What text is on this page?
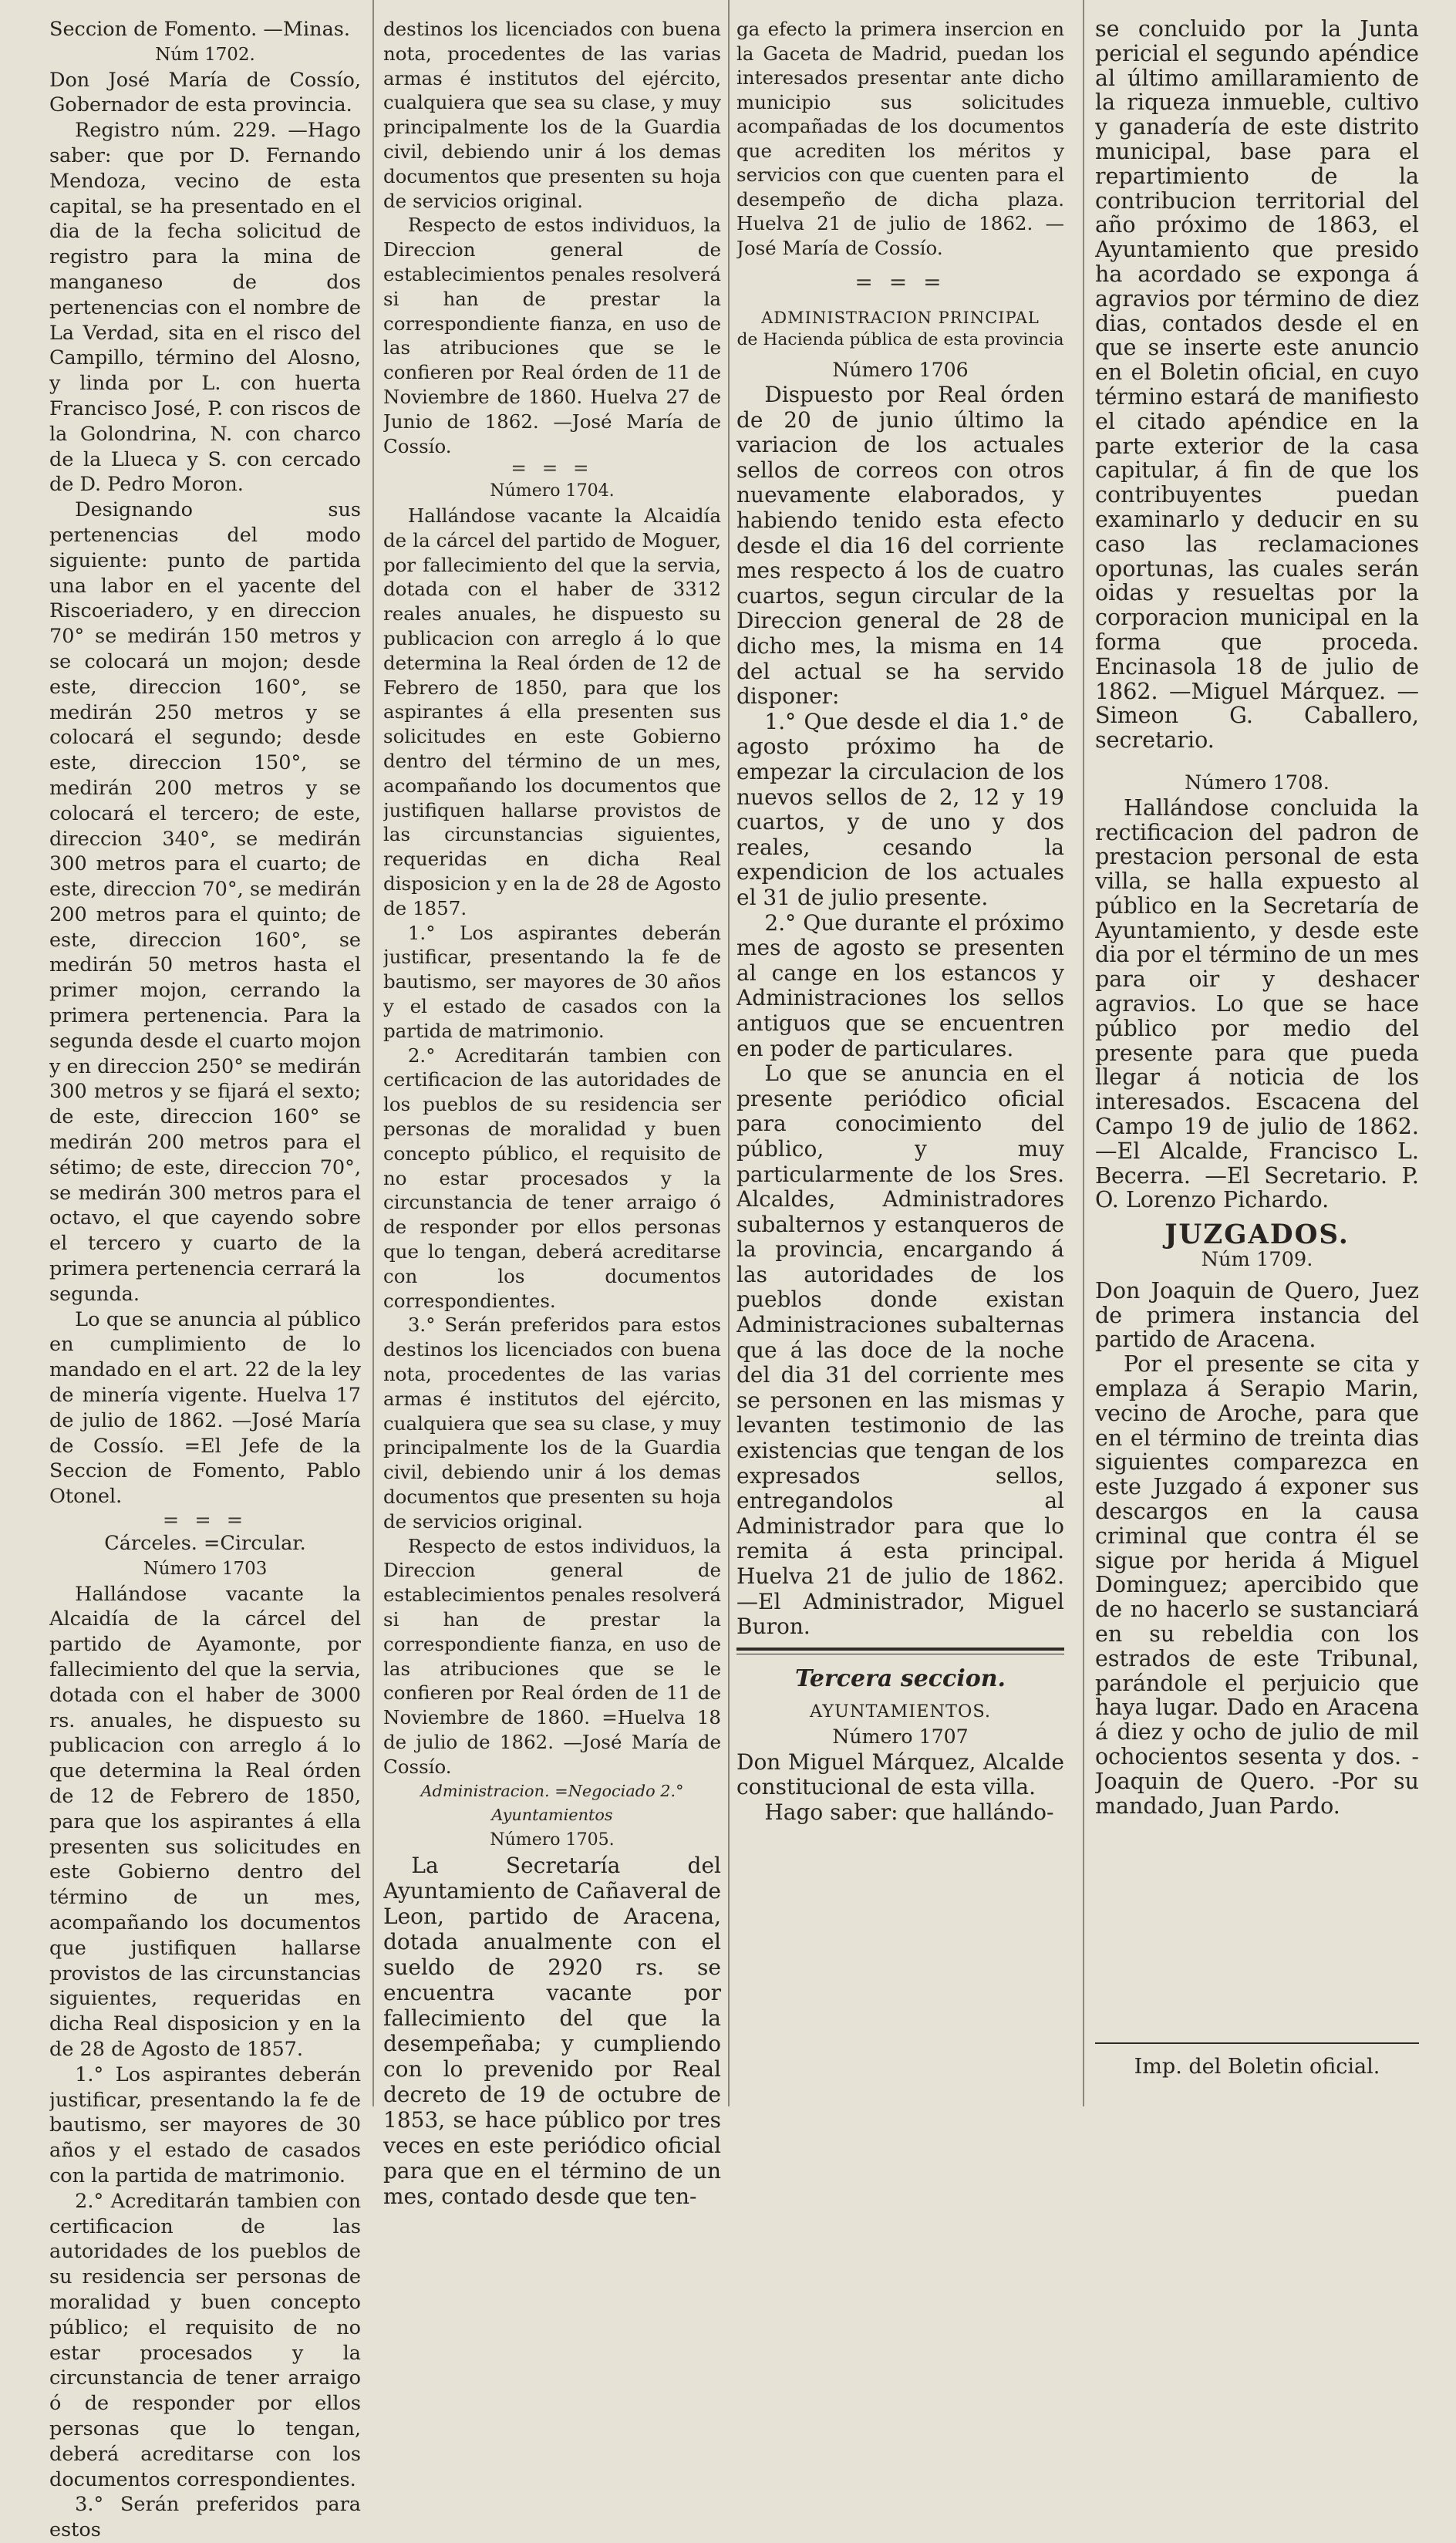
Seccion de Fomento. —Minas.

Núm 1702.

Don José María de Cossío, Gobernador de esta provincia.

Registro núm. 229. —Hago saber: que por D. Fernando Mendoza, vecino de esta capital, se ha presentado en el dia de la fecha solicitud de registro para la mina de manganeso de dos pertenencias con el nombre de La Verdad, sita en el risco del Campillo, término del Alosno, y linda por L. con huerta Francisco José, P. con riscos de la Golondrina, N. con charco de la Llueca y S. con cercado de D. Pedro Moron.

Designando sus pertenencias del modo siguiente: punto de partida una labor en el yacente del Riscoeriadero, y en direccion 70° se medirán 150 metros y se colocará un mojon; desde este, direccion 160°, se medirán 250 metros y se colocará el segundo; desde este, direccion 150°, se medirán 200 metros y se colocará el tercero; de este, direccion 340°, se medirán 300 metros para el cuarto; de este, direccion 70°, se medirán 200 metros para el quinto; de este, direccion 160°, se medirán 50 metros hasta el primer mojon, cerrando la primera pertenencia. Para la segunda desde el cuarto mojon y en direccion 250° se medirán 300 metros y se fijará el sexto; de este, direccion 160° se medirán 200 metros para el sétimo; de este, direccion 70°, se medirán 300 metros para el octavo, el que cayendo sobre el tercero y cuarto de la primera pertenencia cerrará la segunda.

Lo que se anuncia al público en cumplimiento de lo mandado en el art. 22 de la ley de minería vigente. Huelva 17 de julio de 1862. —José María de Cossío. =El Jefe de la Seccion de Fomento, Pablo Otonel.

= = =

Cárceles. =Circular.

Número 1703

Hallándose vacante la Alcaidía de la cárcel del partido de Ayamonte, por fallecimiento del que la servia, dotada con el haber de 3000 rs. anuales, he dispuesto su publicacion con arreglo á lo que determina la Real órden de 12 de Febrero de 1850, para que los aspirantes á ella presenten sus solicitudes en este Gobierno dentro del término de un mes, acompañando los documentos que justifiquen hallarse provistos de las circunstancias siguientes, requeridas en dicha Real disposicion y en la de 28 de Agosto de 1857.

1.° Los aspirantes deberán justificar, presentando la fe de bautismo, ser mayores de 30 años y el estado de casados con la partida de matrimonio.

2.° Acreditarán tambien con certificacion de las autoridades de los pueblos de su residencia ser personas de moralidad y buen concepto público; el requisito de no estar procesados y la circunstancia de tener arraigo ó de responder por ellos personas que lo tengan, deberá acreditarse con los documentos correspondientes.

3.° Serán preferidos para estos

destinos los licenciados con buena nota, procedentes de las varias armas é institutos del ejército, cualquiera que sea su clase, y muy principalmente los de la Guardia civil, debiendo unir á los demas documentos que presenten su hoja de servicios original.

Respecto de estos individuos, la Direccion general de establecimientos penales resolverá si han de prestar la correspondiente fianza, en uso de las atribuciones que se le confieren por Real órden de 11 de Noviembre de 1860. Huelva 27 de Junio de 1862. —José María de Cossío.

= = =

Número 1704.

Hallándose vacante la Alcaidía de la cárcel del partido de Moguer, por fallecimiento del que la servia, dotada con el haber de 3312 reales anuales, he dispuesto su publicacion con arreglo á lo que determina la Real órden de 12 de Febrero de 1850, para que los aspirantes á ella presenten sus solicitudes en este Gobierno dentro del término de un mes, acompañando los documentos que justifiquen hallarse provistos de las circunstancias siguientes, requeridas en dicha Real disposicion y en la de 28 de Agosto de 1857.

1.° Los aspirantes deberán justificar, presentando la fe de bautismo, ser mayores de 30 años y el estado de casados con la partida de matrimonio.

2.° Acreditarán tambien con certificacion de las autoridades de los pueblos de su residencia ser personas de moralidad y buen concepto público, el requisito de no estar procesados y la circunstancia de tener arraigo ó de responder por ellos personas que lo tengan, deberá acreditarse con los documentos correspondientes.

3.° Serán preferidos para estos destinos los licenciados con buena nota, procedentes de las varias armas é institutos del ejército, cualquiera que sea su clase, y muy principalmente los de la Guardia civil, debiendo unir á los demas documentos que presenten su hoja de servicios original.

Respecto de estos individuos, la Direccion general de establecimientos penales resolverá si han de prestar la correspondiente fianza, en uso de las atribuciones que se le confieren por Real órden de 11 de Noviembre de 1860. =Huelva 18 de julio de 1862. —José María de Cossío.

Administracion. =Negociado 2.°

Ayuntamientos

Número 1705.

La Secretaría del Ayuntamiento de Cañaveral de Leon, partido de Aracena, dotada anualmente con el sueldo de 2920 rs. se encuentra vacante por fallecimiento del que la desempeñaba; y cumpliendo con lo prevenido por Real decreto de 19 de octubre de 1853, se hace público por tres veces en este periódico oficial para que en el término de un mes, contado desde que ten-

ga efecto la primera insercion en la Gaceta de Madrid, puedan los interesados presentar ante dicho municipio sus solicitudes acompañadas de los documentos que acrediten los méritos y servicios con que cuenten para el desempeño de dicha plaza. Huelva 21 de julio de 1862. —José María de Cossío.

= = =

ADMINISTRACION PRINCIPAL

de Hacienda pública de esta provincia

Número 1706

Dispuesto por Real órden de 20 de junio último la variacion de los actuales sellos de correos con otros nuevamente elaborados, y habiendo tenido esta efecto desde el dia 16 del corriente mes respecto á los de cuatro cuartos, segun circular de la Direccion general de 28 de dicho mes, la misma en 14 del actual se ha servido disponer:

1.° Que desde el dia 1.° de agosto próximo ha de empezar la circulacion de los nuevos sellos de 2, 12 y 19 cuartos, y de uno y dos reales, cesando la expendicion de los actuales el 31 de julio presente.

2.° Que durante el próximo mes de agosto se presenten al cange en los estancos y Administraciones los sellos antiguos que se encuentren en poder de particulares.

Lo que se anuncia en el presente periódico oficial para conocimiento del público, y muy particularmente de los Sres. Alcaldes, Administradores subalternos y estanqueros de la provincia, encargando á las autoridades de los pueblos donde existan Administraciones subalternas que á las doce de la noche del dia 31 del corriente mes se personen en las mismas y levanten testimonio de las existencias que tengan de los expresados sellos, entregandolos al Administrador para que lo remita á esta principal. Huelva 21 de julio de 1862. —El Administrador, Miguel Buron.

Tercera seccion.

AYUNTAMIENTOS.

Número 1707

Don Miguel Márquez, Alcalde constitucional de esta villa.

Hago saber: que hallándo-

se concluido por la Junta pericial el segundo apéndice al último amillaramiento de la riqueza inmueble, cultivo y ganadería de este distrito municipal, base para el repartimiento de la contribucion territorial del año próximo de 1863, el Ayuntamiento que presido ha acordado se exponga á agravios por término de diez dias, contados desde el en que se inserte este anuncio en el Boletin oficial, en cuyo término estará de manifiesto el citado apéndice en la parte exterior de la casa capitular, á fin de que los contribuyentes puedan examinarlo y deducir en su caso las reclamaciones oportunas, las cuales serán oidas y resueltas por la corporacion municipal en la forma que proceda. Encinasola 18 de julio de 1862. —Miguel Márquez. —Simeon G. Caballero, secretario.

Número 1708.

Hallándose concluida la rectificacion del padron de prestacion personal de esta villa, se halla expuesto al público en la Secretaría de Ayuntamiento, y desde este dia por el término de un mes para oir y deshacer agravios. Lo que se hace público por medio del presente para que pueda llegar á noticia de los interesados. Escacena del Campo 19 de julio de 1862. —El Alcalde, Francisco L. Becerra. —El Secretario. P. O. Lorenzo Pichardo.

JUZGADOS.

Núm 1709.

Don Joaquin de Quero, Juez de primera instancia del partido de Aracena.

Por el presente se cita y emplaza á Serapio Marin, vecino de Aroche, para que en el término de treinta dias siguientes comparezca en este Juzgado á exponer sus descargos en la causa criminal que contra él se sigue por herida á Miguel Dominguez; apercibido que de no hacerlo se sustanciará en su rebeldia con los estrados de este Tribunal, parándole el perjuicio que haya lugar. Dado en Aracena á diez y ocho de julio de mil ochocientos sesenta y dos. -Joaquin de Quero. -Por su mandado, Juan Pardo.

Imp. del Boletin oficial.
